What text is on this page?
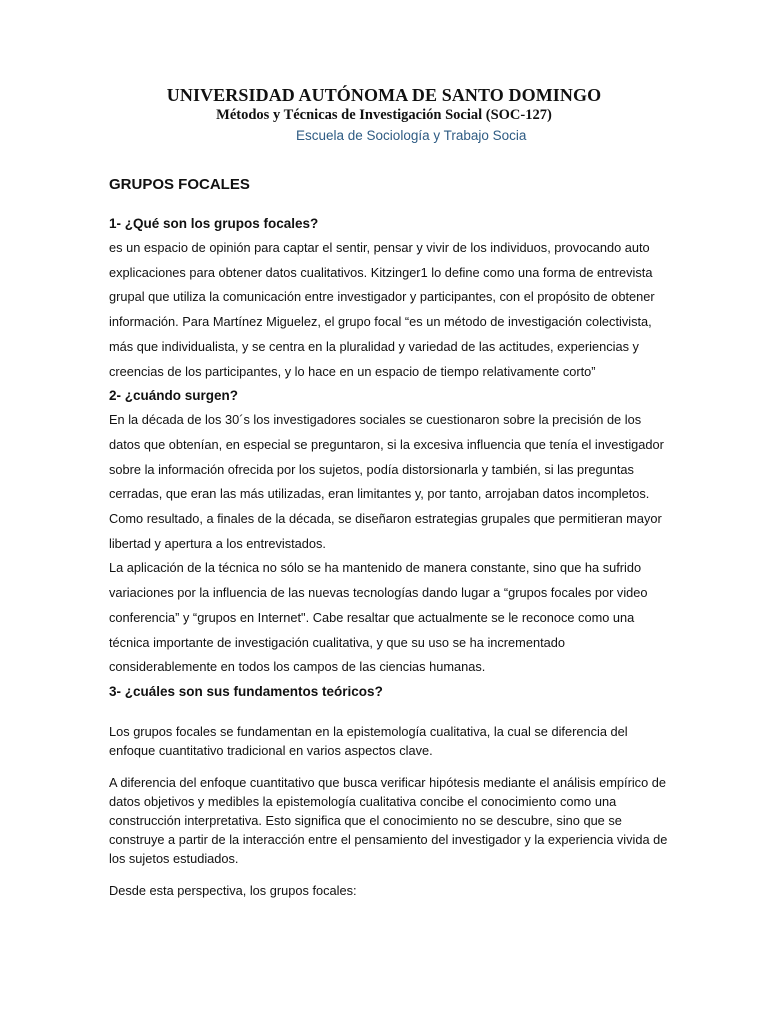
UNIVERSIDAD AUTÓNOMA DE SANTO DOMINGO
Métodos y Técnicas de Investigación Social (SOC-127)
Escuela de Sociología y Trabajo Socia
GRUPOS FOCALES

1- ¿Qué son los grupos focales?

es un espacio de opinión para captar el sentir, pensar y vivir de los individuos, provocando auto explicaciones para obtener datos cualitativos. Kitzinger1 lo define como una forma de entrevista grupal que utiliza la comunicación entre investigador y participantes, con el propósito de obtener información. Para Martínez Miguelez, el grupo focal “es un método de investigación colectivista, más que individualista, y se centra en la pluralidad y variedad de las actitudes, experiencias y creencias de los participantes, y lo hace en un espacio de tiempo relativamente corto”

2- ¿cuándo surgen?

En la década de los 30´s los investigadores sociales se cuestionaron sobre la precisión de los datos que obtenían, en especial se preguntaron, si la excesiva influencia que tenía el investigador sobre la información ofrecida por los sujetos, podía distorsionarla y también, si las preguntas cerradas, que eran las más utilizadas, eran limitantes y, por tanto, arrojaban datos incompletos. Como resultado, a finales de la década, se diseñaron estrategias grupales que permitieran mayor libertad y apertura a los entrevistados.

La aplicación de la técnica no sólo se ha mantenido de manera constante, sino que ha sufrido variaciones por la influencia de las nuevas tecnologías dando lugar a “grupos focales por video conferencia” y “grupos en Internet". Cabe resaltar que actualmente se le reconoce como una técnica importante de investigación cualitativa, y que su uso se ha incrementado considerablemente en todos los campos de las ciencias humanas.

3- ¿cuáles son sus fundamentos teóricos?

Los grupos focales se fundamentan en la epistemología cualitativa, la cual se diferencia del enfoque cuantitativo tradicional en varios aspectos clave.

A diferencia del enfoque cuantitativo que busca verificar hipótesis mediante el análisis empírico de datos objetivos y medibles la epistemología cualitativa concibe el conocimiento como una construcción interpretativa. Esto significa que el conocimiento no se descubre, sino que se construye a partir de la interacción entre el pensamiento del investigador y la experiencia vivida de los sujetos estudiados.

Desde esta perspectiva, los grupos focales:
